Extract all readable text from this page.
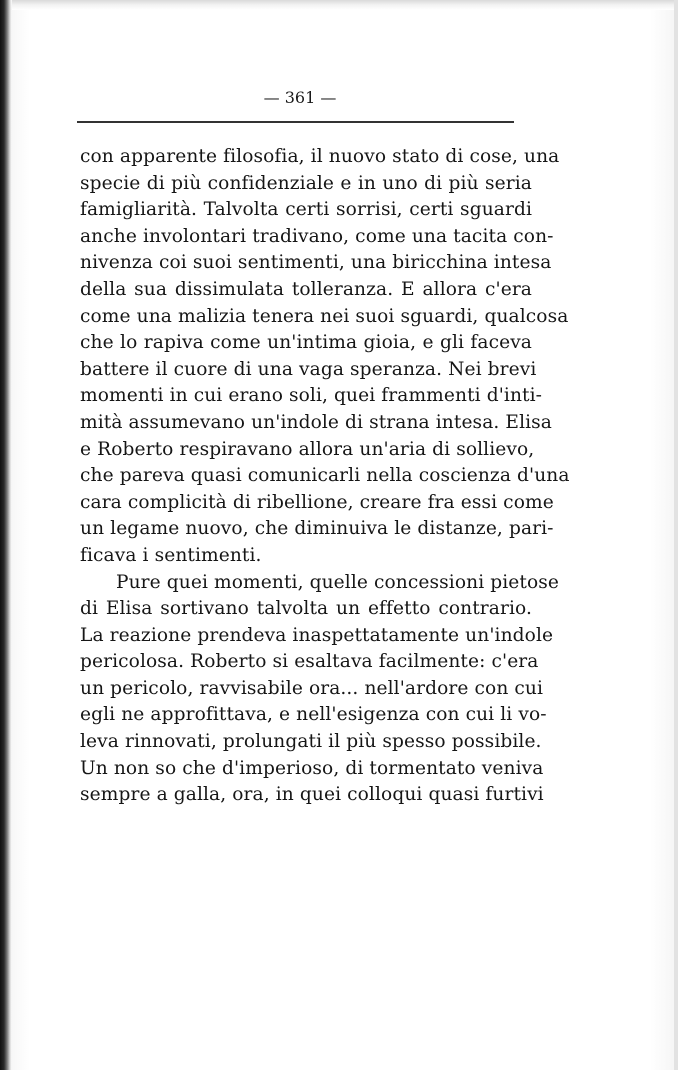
— 361 —
con apparente filosofia, il nuovo stato di cose, una
specie di più confidenziale e in uno di più seria
famigliarità. Talvolta certi sorrisi, certi sguardi
anche involontari tradivano, come una tacita con-
nivenza coi suoi sentimenti, una biricchina intesa
della sua dissimulata tolleranza. E allora c'era
come una malizia tenera nei suoi sguardi, qualcosa
che lo rapiva come un'intima gioia, e gli faceva
battere il cuore di una vaga speranza. Nei brevi
momenti in cui erano soli, quei frammenti d'inti-
mità assumevano un'indole di strana intesa. Elisa
e Roberto respiravano allora un'aria di sollievo,
che pareva quasi comunicarli nella coscienza d'una
cara complicità di ribellione, creare fra essi come
un legame nuovo, che diminuiva le distanze, pari-
ficava i sentimenti.
Pure quei momenti, quelle concessioni pietose
di Elisa sortivano talvolta un effetto contrario.
La reazione prendeva inaspettatamente un'indole
pericolosa. Roberto si esaltava facilmente: c'era
un pericolo, ravvisabile ora... nell'ardore con cui
egli ne approfittava, e nell'esigenza con cui li vo-
leva rinnovati, prolungati il più spesso possibile.
Un non so che d'imperioso, di tormentato veniva
sempre a galla, ora, in quei colloqui quasi furtivi
